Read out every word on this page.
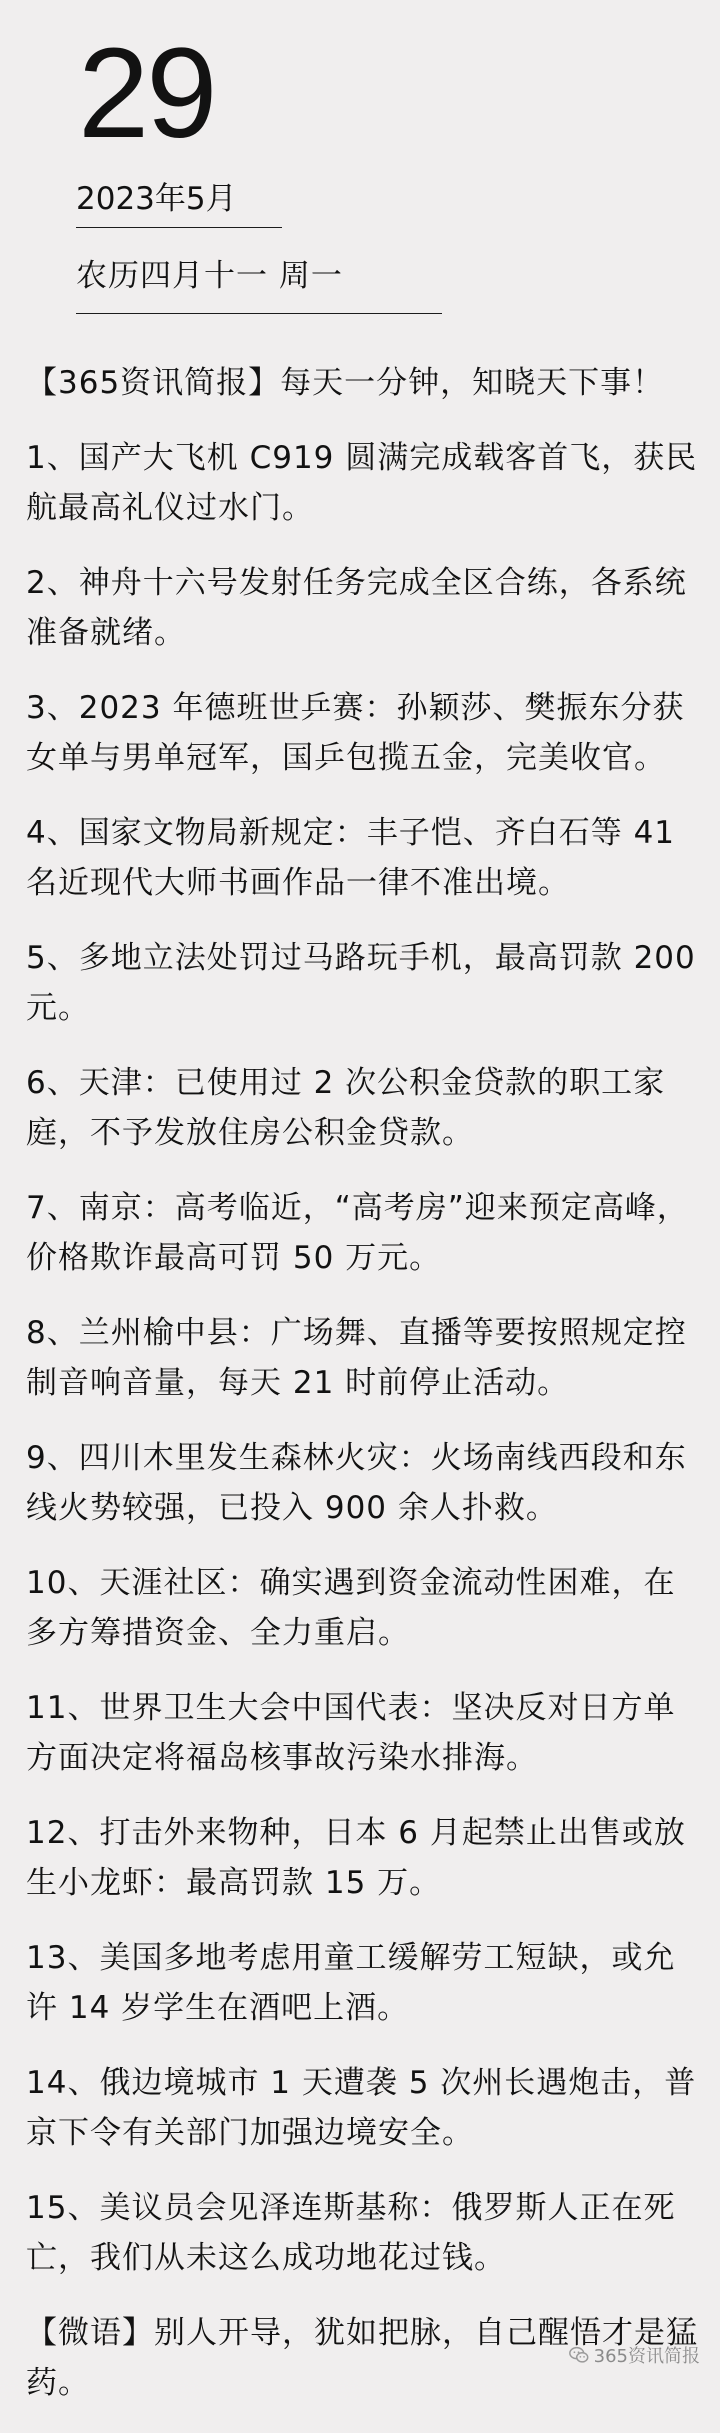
29
2023年5月
农历四月十一 周一

【365资讯简报】每天一分钟，知晓天下事！

1、国产大飞机 C919 圆满完成载客首飞，获民航最高礼仪过水门。

2、神舟十六号发射任务完成全区合练，各系统准备就绪。

3、2023 年德班世乒赛：孙颖莎、樊振东分获女单与男单冠军，国乒包揽五金，完美收官。

4、国家文物局新规定：丰子恺、齐白石等 41 名近现代大师书画作品一律不准出境。

5、多地立法处罚过马路玩手机，最高罚款 200 元。

6、天津：已使用过 2 次公积金贷款的职工家庭，不予发放住房公积金贷款。

7、南京：高考临近，“高考房”迎来预定高峰，价格欺诈最高可罚 50 万元。

8、兰州榆中县：广场舞、直播等要按照规定控制音响音量，每天 21 时前停止活动。

9、四川木里发生森林火灾：火场南线西段和东线火势较强，已投入 900 余人扑救。

10、天涯社区：确实遇到资金流动性困难，在多方筹措资金、全力重启。

11、世界卫生大会中国代表：坚决反对日方单方面决定将福岛核事故污染水排海。

12、打击外来物种，日本 6 月起禁止出售或放生小龙虾：最高罚款 15 万。

13、美国多地考虑用童工缓解劳工短缺，或允许 14 岁学生在酒吧上酒。

14、俄边境城市 1 天遭袭 5 次州长遇炮击，普京下令有关部门加强边境安全。

15、美议员会见泽连斯基称：俄罗斯人正在死亡，我们从未这么成功地花过钱。

【微语】别人开导，犹如把脉，自己醒悟才是猛药。

365资讯简报
